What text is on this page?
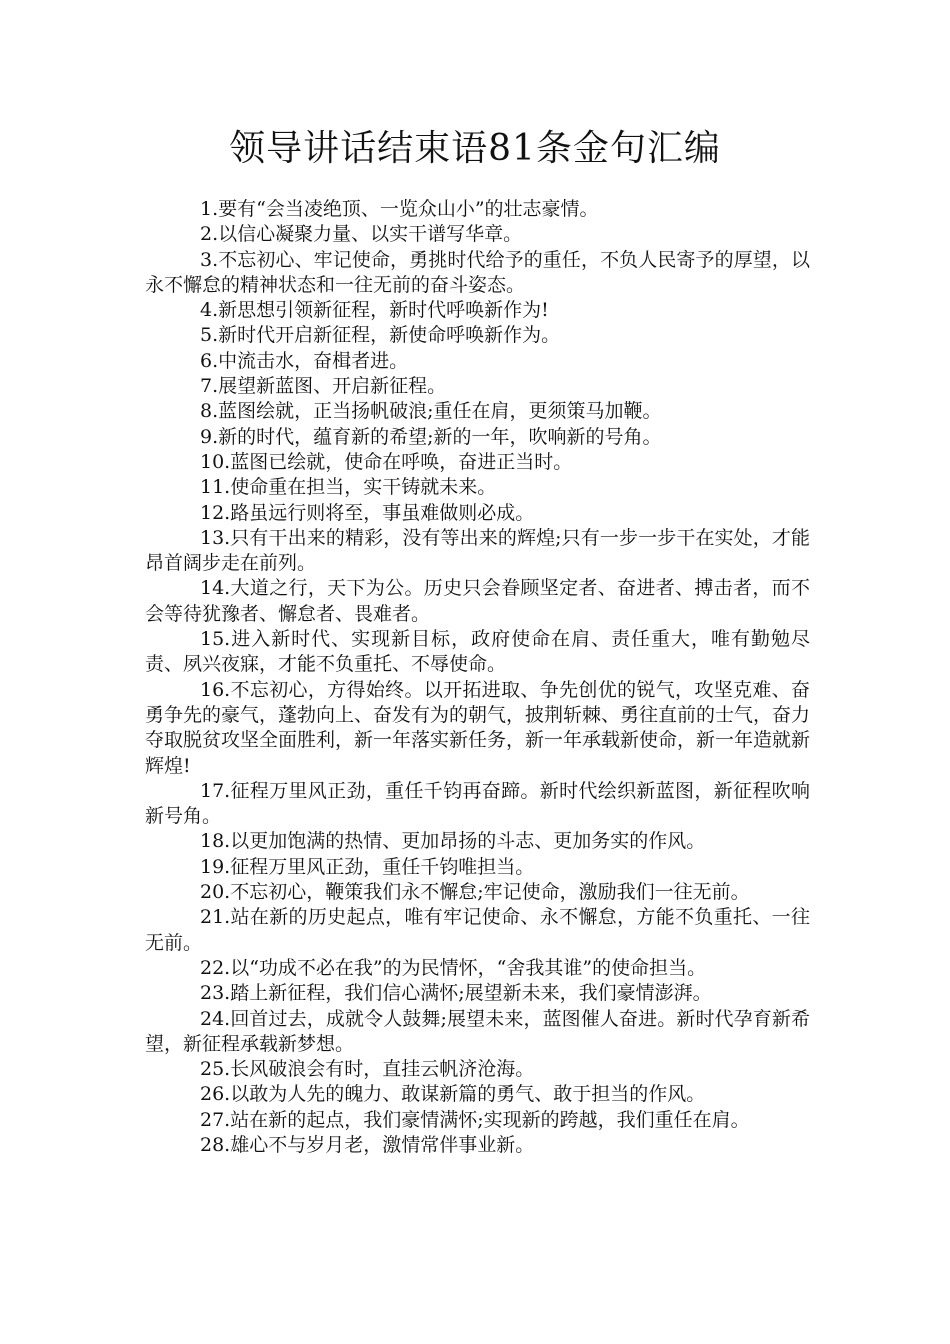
领导讲话结束语81条金句汇编

1.要有“会当凌绝顶、一览众山小”的壮志豪情。

2.以信心凝聚力量、以实干谱写华章。

3.不忘初心、牢记使命，勇挑时代给予的重任，不负人民寄予的厚望，以永不懈怠的精神状态和一往无前的奋斗姿态。

4.新思想引领新征程，新时代呼唤新作为!

5.新时代开启新征程，新使命呼唤新作为。

6.中流击水，奋楫者进。

7.展望新蓝图、开启新征程。

8.蓝图绘就，正当扬帆破浪;重任在肩，更须策马加鞭。

9.新的时代，蕴育新的希望;新的一年，吹响新的号角。

10.蓝图已绘就，使命在呼唤，奋进正当时。

11.使命重在担当，实干铸就未来。

12.路虽远行则将至，事虽难做则必成。

13.只有干出来的精彩，没有等出来的辉煌;只有一步一步干在实处，才能昂首阔步走在前列。

14.大道之行，天下为公。历史只会眷顾坚定者、奋进者、搏击者，而不会等待犹豫者、懈怠者、畏难者。

15.进入新时代、实现新目标，政府使命在肩、责任重大，唯有勤勉尽责、夙兴夜寐，才能不负重托、不辱使命。

16.不忘初心，方得始终。以开拓进取、争先创优的锐气，攻坚克难、奋勇争先的豪气，蓬勃向上、奋发有为的朝气，披荆斩棘、勇往直前的士气，奋力夺取脱贫攻坚全面胜利，新一年落实新任务，新一年承载新使命，新一年造就新辉煌!

17.征程万里风正劲，重任千钧再奋蹄。新时代绘织新蓝图，新征程吹响新号角。

18.以更加饱满的热情、更加昂扬的斗志、更加务实的作风。

19.征程万里风正劲，重任千钧唯担当。

20.不忘初心，鞭策我们永不懈怠;牢记使命，激励我们一往无前。

21.站在新的历史起点，唯有牢记使命、永不懈怠，方能不负重托、一往无前。

22.以“功成不必在我”的为民情怀，“舍我其谁”的使命担当。

23.踏上新征程，我们信心满怀;展望新未来，我们豪情澎湃。

24.回首过去，成就令人鼓舞;展望未来，蓝图催人奋进。新时代孕育新希望，新征程承载新梦想。

25.长风破浪会有时，直挂云帆济沧海。

26.以敢为人先的魄力、敢谋新篇的勇气、敢于担当的作风。

27.站在新的起点，我们豪情满怀;实现新的跨越，我们重任在肩。

28.雄心不与岁月老，激情常伴事业新。
